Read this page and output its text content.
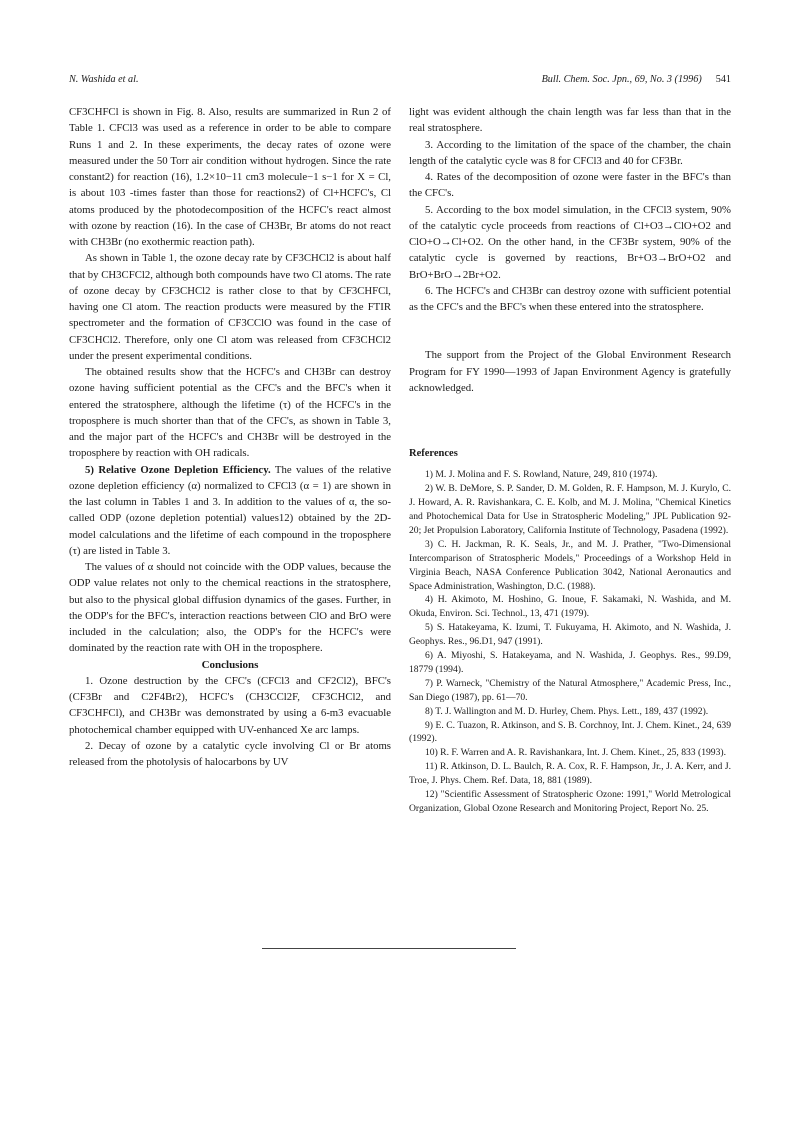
N. Washida et al.	Bull. Chem. Soc. Jpn., 69, No. 3 (1996) 541

CF3CHFCl is shown in Fig. 8. Also, results are summarized in Run 2 of Table 1. CFCl3 was used as a reference in order to be able to compare Runs 1 and 2. In these experiments, the decay rates of ozone were measured under the 50 Torr air condition without hydrogen. Since the rate constant2) for reaction (16), 1.2×10−11 cm3 molecule−1 s−1 for X = Cl, is about 103 -times faster than those for reactions2) of Cl+HCFC's, Cl atoms produced by the photodecomposition of the HCFC's react almost with ozone by reaction (16). In the case of CH3Br, Br atoms do not react with CH3Br (no exothermic reaction path).

As shown in Table 1, the ozone decay rate by CF3CHCl2 is about half that by CH3CFCl2, although both compounds have two Cl atoms. The rate of ozone decay by CF3CHCl2 is rather close to that by CF3CHFCl, having one Cl atom. The reaction products were measured by the FTIR spectrometer and the formation of CF3CClO was found in the case of CF3CHCl2. Therefore, only one Cl atom was released from CF3CHCl2 under the present experimental conditions.

The obtained results show that the HCFC's and CH3Br can destroy ozone having sufficient potential as the CFC's and the BFC's when it entered the stratosphere, although the lifetime (τ) of the HCFC's in the troposphere is much shorter than that of the CFC's, as shown in Table 3, and the major part of the HCFC's and CH3Br will be destroyed in the troposphere by reaction with OH radicals.

5) Relative Ozone Depletion Efficiency. The values of the relative ozone depletion efficiency (α) normalized to CFCl3 (α = 1) are shown in the last column in Tables 1 and 3. In addition to the values of α, the so-called ODP (ozone depletion potential) values12) obtained by the 2D-model calculations and the lifetime of each compound in the troposphere (τ) are listed in Table 3.

The values of α should not coincide with the ODP values, because the ODP value relates not only to the chemical reactions in the stratosphere, but also to the physical global diffusion dynamics of the gases. Further, in the ODP's for the BFC's, interaction reactions between ClO and BrO were included in the calculation; also, the ODP's for the HCFC's were dominated by the reaction rate with OH in the troposphere.

Conclusions

1. Ozone destruction by the CFC's (CFCl3 and CF2Cl2), BFC's (CF3Br and C2F4Br2), HCFC's (CH3CCl2F, CF3CHCl2, and CF3CHFCl), and CH3Br was demonstrated by using a 6-m3 evacuable photochemical chamber equipped with UV-enhanced Xe arc lamps.

2. Decay of ozone by a catalytic cycle involving Cl or Br atoms released from the photolysis of halocarbons by UV

light was evident although the chain length was far less than that in the real stratosphere.

3. According to the limitation of the space of the chamber, the chain length of the catalytic cycle was 8 for CFCl3 and 40 for CF3Br.

4. Rates of the decomposition of ozone were faster in the BFC's than the CFC's.

5. According to the box model simulation, in the CFCl3 system, 90% of the catalytic cycle proceeds from reactions of Cl+O3→ClO+O2 and ClO+O→Cl+O2. On the other hand, in the CF3Br system, 90% of the catalytic cycle is governed by reactions, Br+O3→BrO+O2 and BrO+BrO→2Br+O2.

6. The HCFC's and CH3Br can destroy ozone with sufficient potential as the CFC's and the BFC's when these entered into the stratosphere.

The support from the Project of the Global Environment Research Program for FY 1990—1993 of Japan Environment Agency is gratefully acknowledged.

References

1) M. J. Molina and F. S. Rowland, Nature, 249, 810 (1974).

2) W. B. DeMore, S. P. Sander, D. M. Golden, R. F. Hampson, M. J. Kurylo, C. J. Howard, A. R. Ravishankara, C. E. Kolb, and M. J. Molina, "Chemical Kinetics and Photochemical Data for Use in Stratospheric Modeling," JPL Publication 92-20; Jet Propulsion Laboratory, California Institute of Technology, Pasadena (1992).

3) C. H. Jackman, R. K. Seals, Jr., and M. J. Prather, "Two-Dimensional Intercomparison of Stratospheric Models," Proceedings of a Workshop Held in Virginia Beach, NASA Conference Publication 3042, National Aeronautics and Space Administration, Washington, D.C. (1988).

4) H. Akimoto, M. Hoshino, G. Inoue, F. Sakamaki, N. Washida, and M. Okuda, Environ. Sci. Technol., 13, 471 (1979).

5) S. Hatakeyama, K. Izumi, T. Fukuyama, H. Akimoto, and N. Washida, J. Geophys. Res., 96.D1, 947 (1991).

6) A. Miyoshi, S. Hatakeyama, and N. Washida, J. Geophys. Res., 99.D9, 18779 (1994).

7) P. Warneck, "Chemistry of the Natural Atmosphere," Academic Press, Inc., San Diego (1987), pp. 61—70.

8) T. J. Wallington and M. D. Hurley, Chem. Phys. Lett., 189, 437 (1992).

9) E. C. Tuazon, R. Atkinson, and S. B. Corchnoy, Int. J. Chem. Kinet., 24, 639 (1992).

10) R. F. Warren and A. R. Ravishankara, Int. J. Chem. Kinet., 25, 833 (1993).

11) R. Atkinson, D. L. Baulch, R. A. Cox, R. F. Hampson, Jr., J. A. Kerr, and J. Troe, J. Phys. Chem. Ref. Data, 18, 881 (1989).

12) "Scientific Assessment of Stratospheric Ozone: 1991," World Metrological Organization, Global Ozone Research and Monitoring Project, Report No. 25.
